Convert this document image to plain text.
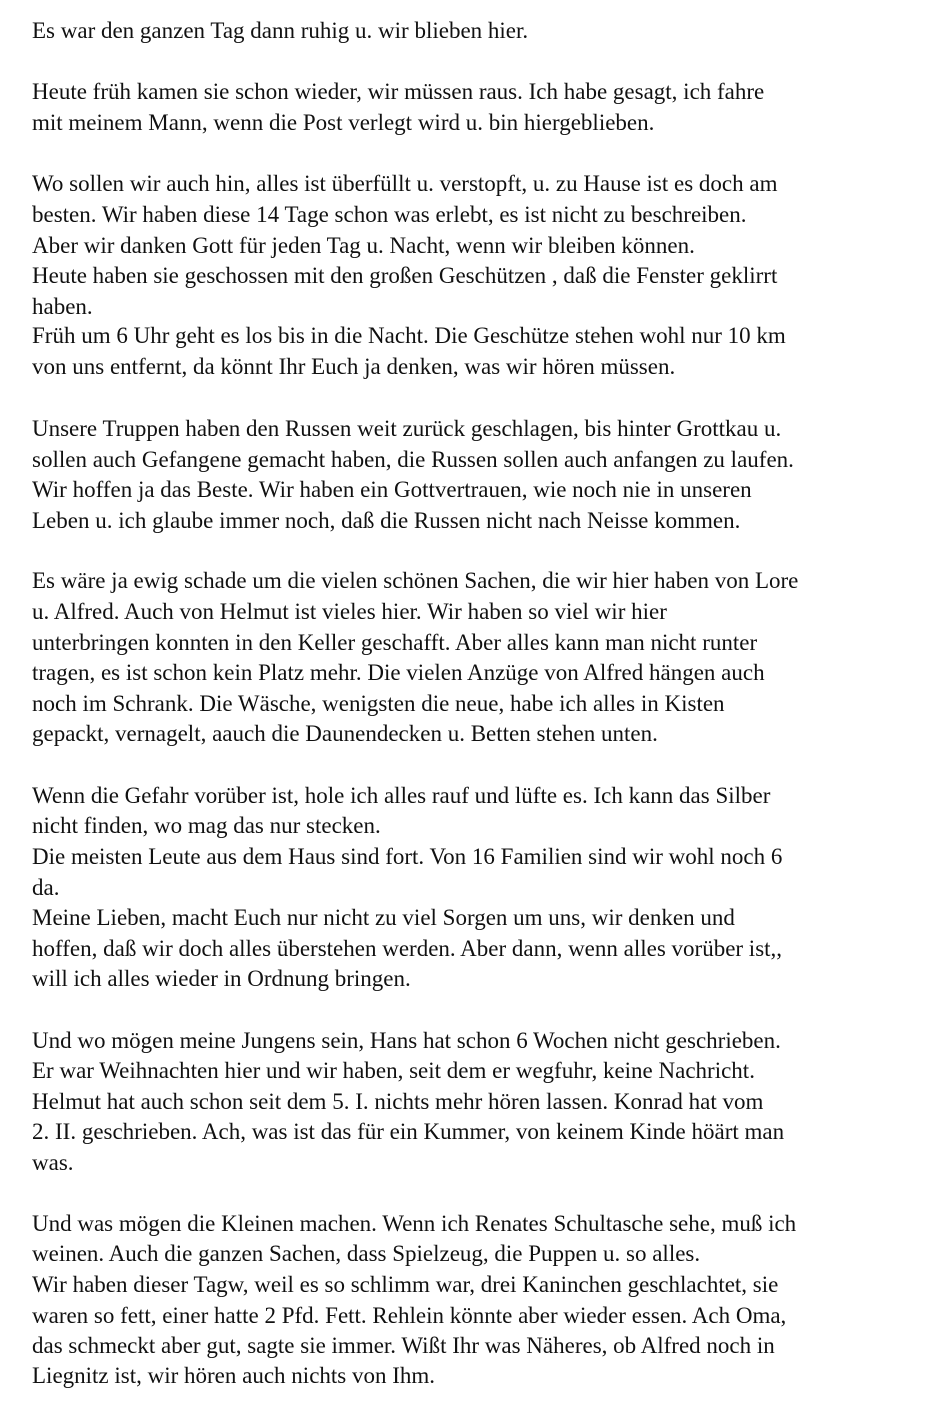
Es war den ganzen Tag dann ruhig u. wir blieben hier.
Heute früh kamen sie schon wieder, wir müssen raus. Ich habe gesagt, ich fahre
mit meinem Mann, wenn die Post verlegt wird u. bin hiergeblieben.
Wo sollen wir auch hin, alles ist überfüllt u. verstopft, u. zu Hause ist es doch am
besten. Wir haben diese 14 Tage schon was erlebt, es ist nicht zu beschreiben.
Aber wir danken Gott für jeden Tag u. Nacht, wenn wir bleiben können.
Heute haben sie geschossen mit den großen Geschützen , daß die Fenster geklirrt
haben.
Früh um 6 Uhr geht es los bis in die Nacht. Die Geschütze stehen wohl nur 10 km
von uns entfernt, da könnt Ihr Euch ja denken, was wir hören müssen.
Unsere Truppen haben den Russen weit zurück geschlagen, bis hinter Grottkau u.
sollen auch Gefangene gemacht haben, die Russen sollen auch anfangen zu laufen.
Wir hoffen ja das Beste. Wir haben ein Gottvertrauen, wie noch nie in unseren
Leben u. ich glaube immer noch, daß die Russen nicht nach Neisse kommen.
Es wäre ja ewig schade um die vielen schönen Sachen, die wir hier haben von Lore
u. Alfred. Auch von Helmut ist vieles hier. Wir haben so viel wir hier
unterbringen konnten in den Keller geschafft. Aber alles kann man nicht runter
tragen, es ist schon kein Platz mehr. Die vielen Anzüge von Alfred hängen auch
noch im Schrank. Die Wäsche, wenigsten die neue, habe ich alles in Kisten
gepackt, vernagelt, aauch die Daunendecken u. Betten stehen unten.
Wenn die Gefahr vorüber ist, hole ich alles rauf und lüfte es. Ich kann das Silber
nicht finden, wo mag das nur stecken.
Die meisten Leute aus dem Haus sind fort. Von 16 Familien sind wir wohl noch 6
da.
Meine Lieben, macht Euch nur nicht zu viel Sorgen um uns, wir denken und
hoffen, daß wir doch alles überstehen werden. Aber dann, wenn alles vorüber ist,,
will ich alles wieder in Ordnung bringen.
Und wo mögen meine Jungens sein, Hans hat schon 6 Wochen nicht geschrieben.
Er war Weihnachten hier und wir haben, seit dem er wegfuhr, keine Nachricht.
Helmut hat auch schon seit dem 5. I. nichts mehr hören lassen. Konrad hat vom
2. II. geschrieben. Ach, was ist das für ein Kummer, von keinem Kinde höärt man
was.
Und was mögen die Kleinen machen. Wenn ich Renates Schultasche sehe, muß ich
weinen. Auch die ganzen Sachen, dass Spielzeug, die Puppen u. so alles.
Wir haben dieser Tagw, weil es so schlimm war, drei Kaninchen geschlachtet, sie
waren so fett, einer hatte 2 Pfd. Fett. Rehlein könnte aber wieder essen. Ach Oma,
das schmeckt aber gut, sagte sie immer. Wißt Ihr was Näheres, ob Alfred noch in
Liegnitz ist, wir hören auch nichts von Ihm.
